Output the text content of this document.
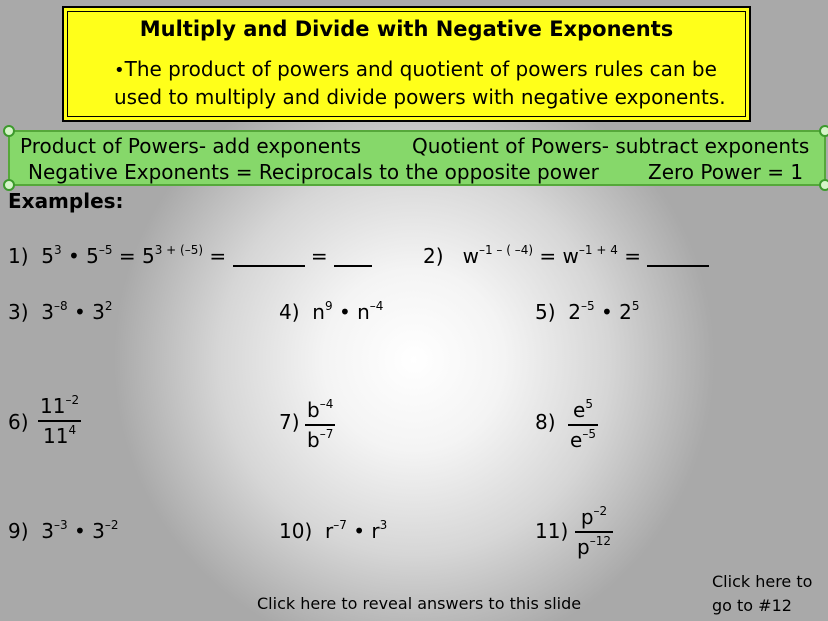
Multiply and Divide with Negative Exponents
•The product of powers and quotient of powers rules can be
used to multiply and divide powers with negative exponents.
Product of Powers- add exponents	Quotient of Powers- subtract exponents
Negative Exponents = Reciprocals to the opposite power Zero Power = 1
Examples:
1) $5^3$ • $5^{-5} = 5^{3 + (-5)}$ =	=	2) $w^{-1 - ( -4)} = w^{-1 + 4}$ =
3) $3^{-8}$ • $3^2$	4) $n^9$ • $n^{-4}$	5) $2^{-5}$ • $2^5$
6)
$11^{-2}$
$11^4$	7) $b^{-4}$
$b^{-7}$	8) $e^5$
$e^{-5}$
9) $3^{-3}$ • $3^{-2}$	10) $r^{-7}$ • $r^3$	11)
$p^{-2}$
$p^{-12}$
Click here to reveal answers to this slide
Click here to
go to #12
